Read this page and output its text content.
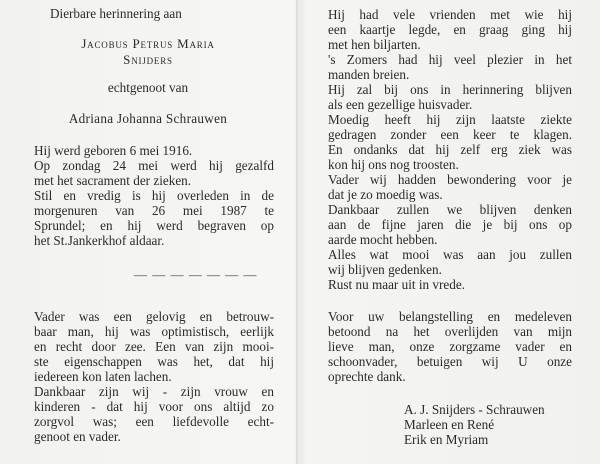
Dierbare herinnering aan
Jacobus Petrus Maria
Snijders
echtgenoot van
Adriana Johanna Schrauwen
Hij werd geboren 6 mei 1916.
Op zondag 24 mei werd hij gezalfd
met het sacrament der zieken.
Stil en vredig is hij overleden in de
morgenuren van 26 mei 1987 te
Sprundel; en hij werd begraven op
het St.Jankerkhof aldaar.
— — — — — — —
Vader was een gelovig en betrouw-
baar man, hij was optimistisch, eerlijk
en recht door zee. Een van zijn mooi-
ste eigenschappen was het, dat hij
iedereen kon laten lachen.
Dankbaar zijn wij - zijn vrouw en
kinderen - dat hij voor ons altijd zo
zorgvol was; een liefdevolle echt-
genoot en vader.
Hij had vele vrienden met wie hij
een kaartje legde, en graag ging hij
met hen biljarten.
's Zomers had hij veel plezier in het
manden breien.
Hij zal bij ons in herinnering blijven
als een gezellige huisvader.
Moedig heeft hij zijn laatste ziekte
gedragen zonder een keer te klagen.
En ondanks dat hij zelf erg ziek was
kon hij ons nog troosten.
Vader wij hadden bewondering voor je
dat je zo moedig was.
Dankbaar zullen we blijven denken
aan de fijne jaren die je bij ons op
aarde mocht hebben.
Alles wat mooi was aan jou zullen
wij blijven gedenken.
Rust nu maar uit in vrede.
Voor uw belangstelling en medeleven
betoond na het overlijden van mijn
lieve man, onze zorgzame vader en
schoonvader, betuigen wij U onze
oprechte dank.
A. J. Snijders - Schrauwen
Marleen en René
Erik en Myriam
